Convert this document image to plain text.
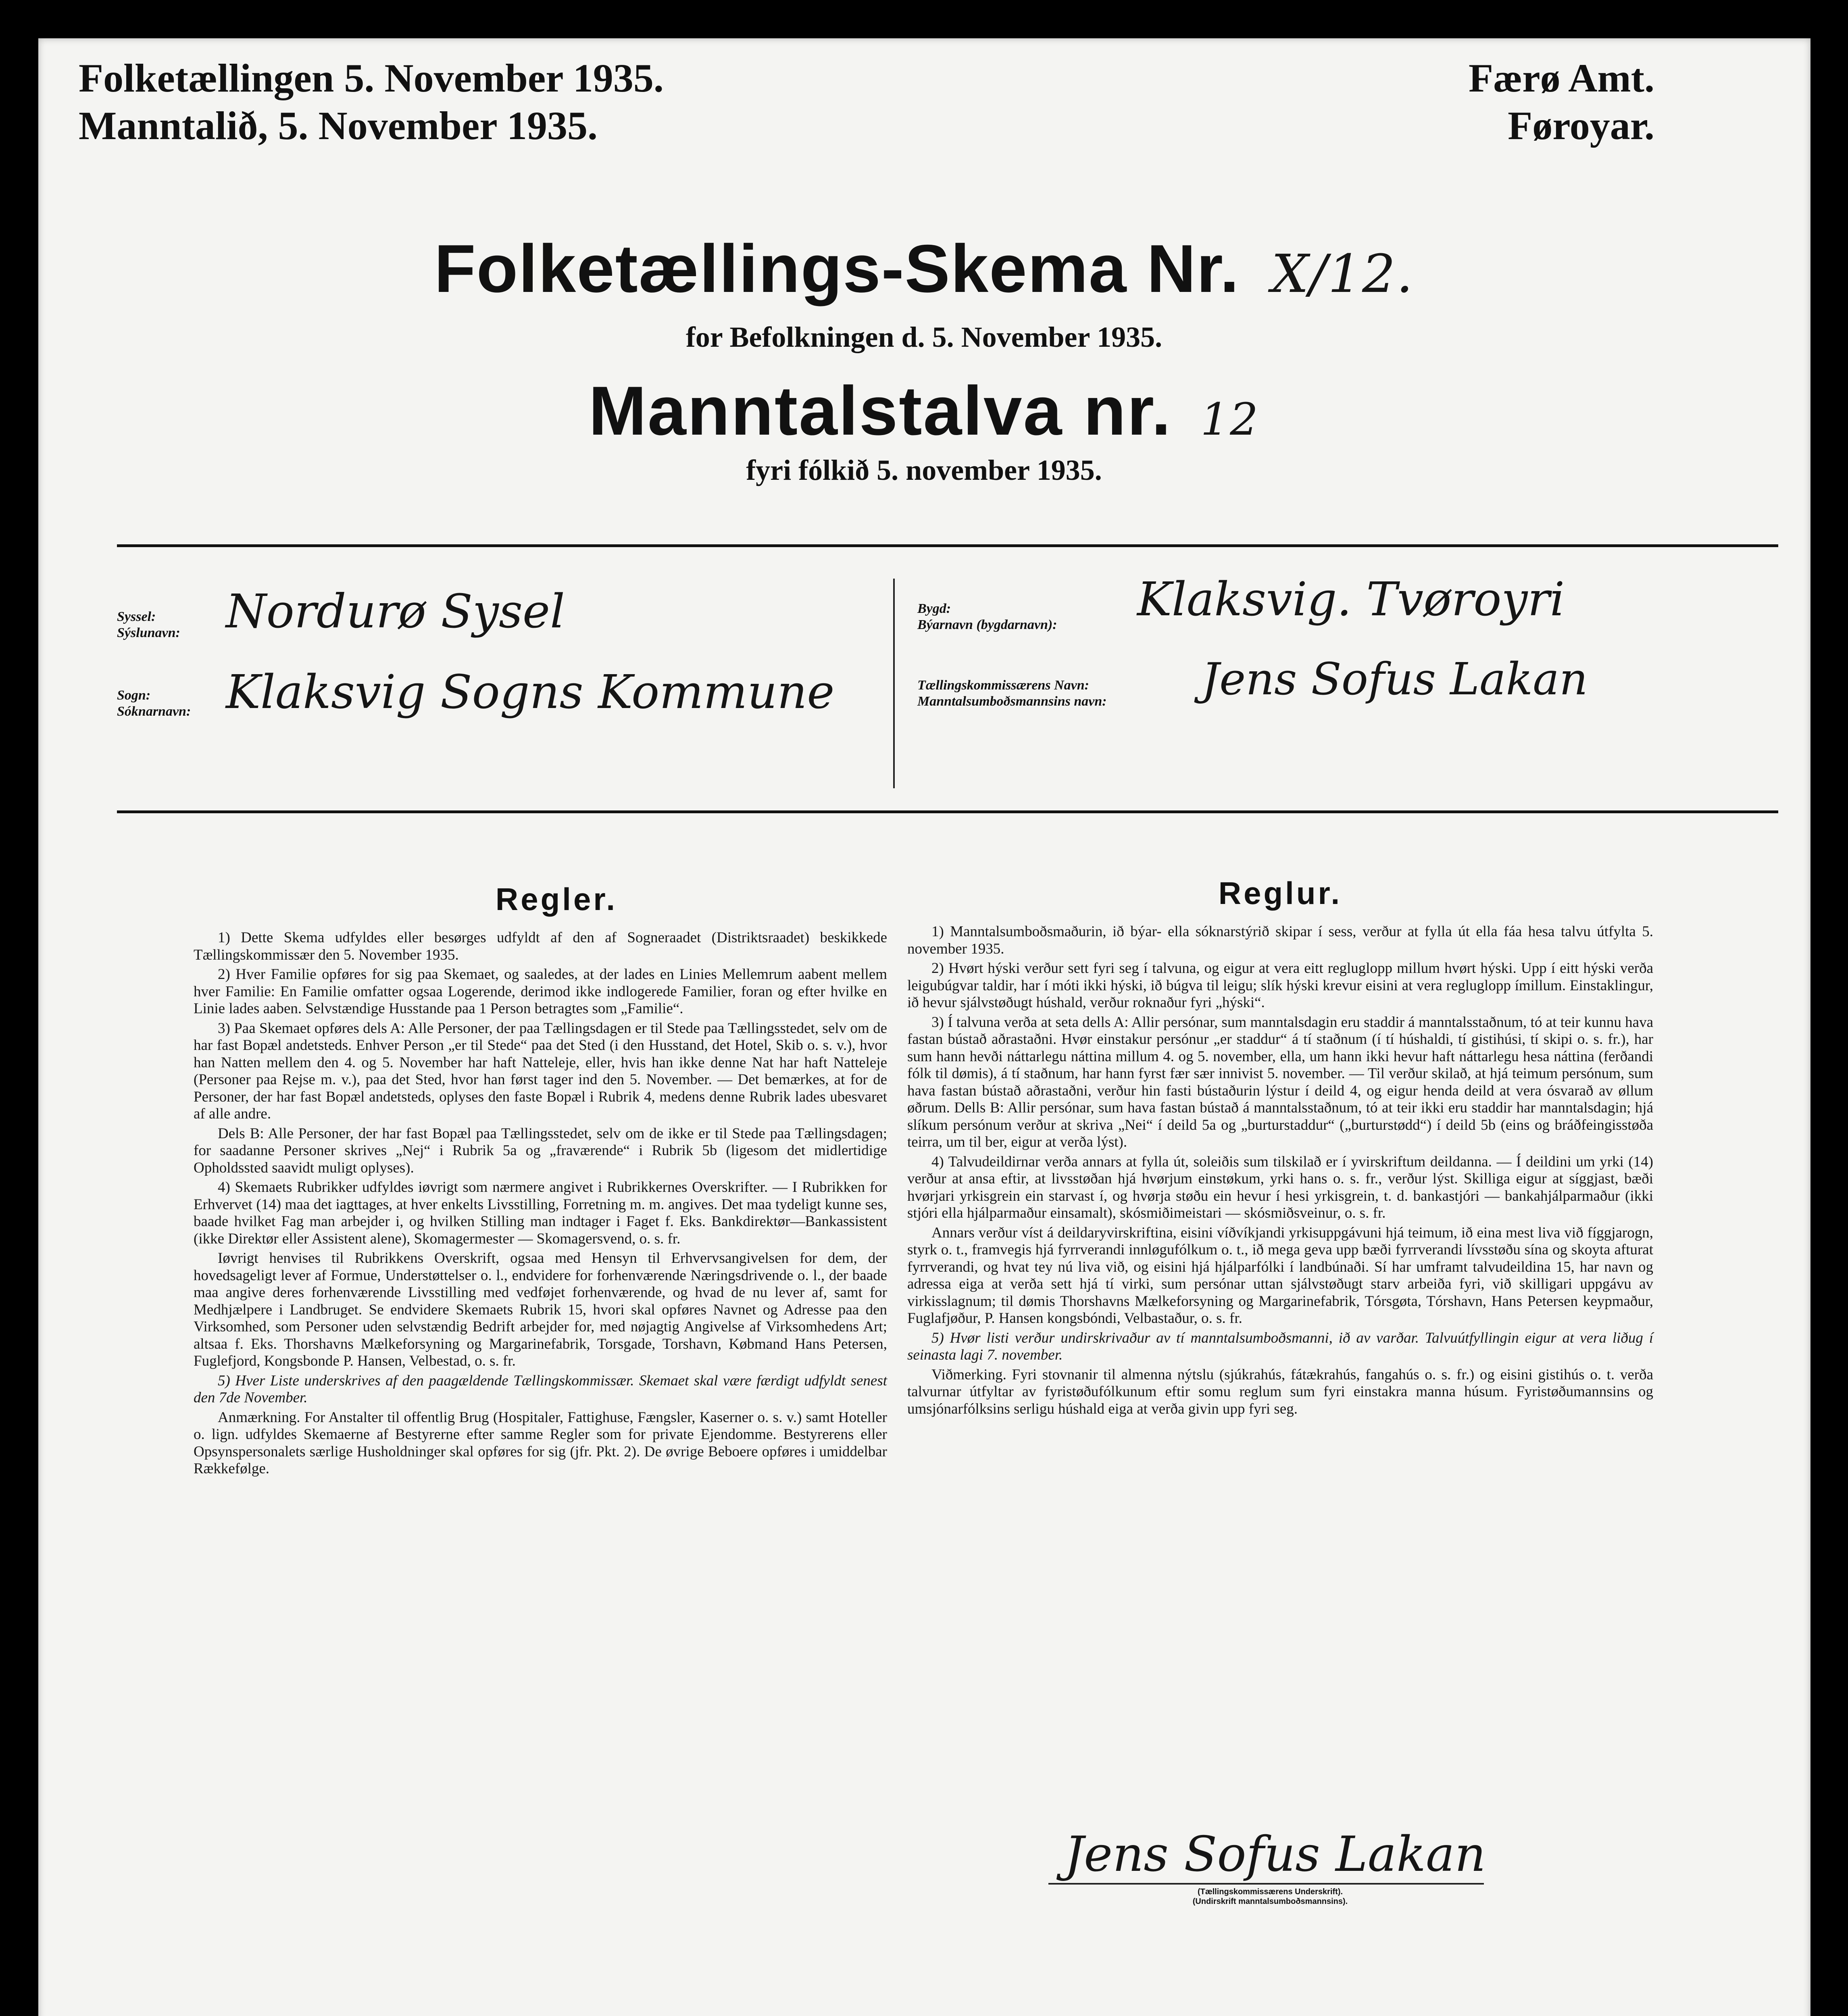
Folketællingen 5. November 1935.
Manntalið, 5. November 1935.
Færø Amt.
Føroyar.
Folketællings-Skema Nr. X/12.
for Befolkningen d. 5. November 1935.
Manntalstalva nr. 12
fyri fólkið 5. november 1935.
Syssel:
Sýslunavn: Nordurø Sysel
Sogn:
Sóknarnavn: Klaksvig Sogns Kommune
Bygd:
Býarnavn (bygdarnavn): Klaksvig. Tvøroyri
Tællingskommissærens Navn:
Manntalsumboðsmannsins navn: Jens Sofus Lakan
Regler.	Reglur.

1) Dette Skema udfyldes eller besørges udfyldt af den af Sogneraadet (Distriktsraadet) beskikkede Tællingskommissær den 5. November 1935.

2) Hver Familie opføres for sig paa Skemaet, og saaledes, at der lades en Linies Mellemrum aabent mellem hver Familie: En Familie omfatter ogsaa Logerende, derimod ikke indlogerede Familier, foran og efter hvilke en Linie lades aaben. Selvstændige Husstande paa 1 Person betragtes som „Familie“.

3) Paa Skemaet opføres dels A: Alle Personer, der paa Tællingsdagen er til Stede paa Tællingsstedet, selv om de har fast Bopæl andetsteds. Enhver Person „er til Stede“ paa det Sted (i den Husstand, det Hotel, Skib o. s. v.), hvor han Natten mellem den 4. og 5. November har haft Natteleje, eller, hvis han ikke denne Nat har haft Natteleje (Personer paa Rejse m. v.), paa det Sted, hvor han først tager ind den 5. November. — Det bemærkes, at for de Personer, der har fast Bopæl andetsteds, oplyses den faste Bopæl i Rubrik 4, medens denne Rubrik lades ubesvaret af alle andre.

Dels B: Alle Personer, der har fast Bopæl paa Tællingsstedet, selv om de ikke er til Stede paa Tællingsdagen; for saadanne Personer skrives „Nej“ i Rubrik 5a og „fraværende“ i Rubrik 5b (ligesom det midlertidige Opholdssted saavidt muligt oplyses).

4) Skemaets Rubrikker udfyldes iøvrigt som nærmere angivet i Rubrikkernes Overskrifter. — I Rubrikken for Erhvervet (14) maa det iagttages, at hver enkelts Livsstilling, Forretning m. m. angives. Det maa tydeligt kunne ses, baade hvilket Fag man arbejder i, og hvilken Stilling man indtager i Faget f. Eks. Bankdirektør—Bankassistent (ikke Direktør eller Assistent alene), Skomagermester — Skomagersvend, o. s. fr.

Iøvrigt henvises til Rubrikkens Overskrift, ogsaa med Hensyn til Erhvervsangivelsen for dem, der hovedsageligt lever af Formue, Understøttelser o. l., endvidere for forhenværende Næringsdrivende o. l., der baade maa angive deres forhenværende Livsstilling med vedføjet forhenværende, og hvad de nu lever af, samt for Medhjælpere i Landbruget. Se endvidere Skemaets Rubrik 15, hvori skal opføres Navnet og Adresse paa den Virksomhed, som Personer uden selvstændig Bedrift arbejder for, med nøjagtig Angivelse af Virksomhedens Art; altsaa f. Eks. Thorshavns Mælkeforsyning og Margarinefabrik, Torsgade, Torshavn, Købmand Hans Petersen, Fuglefjord, Kongsbonde P. Hansen, Velbestad, o. s. fr.

5) Hver Liste underskrives af den paagældende Tællingskommissær. Skemaet skal være færdigt udfyldt senest den 7de November.

Anmærkning. For Anstalter til offentlig Brug (Hospitaler, Fattighuse, Fængsler, Kaserner o. s. v.) samt Hoteller o. lign. udfyldes Skemaerne af Bestyrerne efter samme Regler som for private Ejendomme. Bestyrerens eller Opsynspersonalets særlige Husholdninger skal opføres for sig (jfr. Pkt. 2). De øvrige Beboere opføres i umiddelbar Rækkefølge.

1) Manntalsumboðsmaðurin, ið býar- ella sóknarstýrið skipar í sess, verður at fylla út ella fáa hesa talvu útfylta 5. november 1935.

2) Hvørt hýski verður sett fyri seg í talvuna, og eigur at vera eitt regluglopp millum hvørt hýski. Upp í eitt hýski verða leigubúgvar taldir, har í móti ikki hýski, ið búgva til leigu; slík hýski krevur eisini at vera regluglopp ímillum. Einstaklingur, ið hevur sjálvstøðugt húshald, verður roknaður fyri „hýski“.

3) Í talvuna verða at seta dells A: Allir persónar, sum manntalsdagin eru staddir á manntalsstaðnum, tó at teir kunnu hava fastan bústað aðrastaðni. Hvør einstakur persónur „er staddur“ á tí staðnum (í tí húshaldi, tí gistihúsi, tí skipi o. s. fr.), har sum hann hevði náttarlegu náttina millum 4. og 5. november, ella, um hann ikki hevur haft náttarlegu hesa náttina (ferðandi fólk til dømis), á tí staðnum, har hann fyrst fær sær innivist 5. november. — Til verður skilað, at hjá teimum persónum, sum hava fastan bústað aðrastaðni, verður hin fasti bústaðurin lýstur í deild 4, og eigur henda deild at vera ósvarað av øllum øðrum. Dells B: Allir persónar, sum hava fastan bústað á manntalsstaðnum, tó at teir ikki eru staddir har manntalsdagin; hjá slíkum persónum verður at skriva „Nei“ í deild 5a og „burturstaddur“ („burturstødd“) í deild 5b (eins og bráðfeingisstøða teirra, um til ber, eigur at verða lýst).

4) Talvudeildirnar verða annars at fylla út, soleiðis sum tilskilað er í yvirskriftum deildanna. — Í deildini um yrki (14) verður at ansa eftir, at livsstøðan hjá hvørjum einstøkum, yrki hans o. s. fr., verður lýst. Skilliga eigur at síggjast, bæði hvørjari yrkisgrein ein starvast í, og hvørja støðu ein hevur í hesi yrkisgrein, t. d. bankastjóri — bankahjálparmaður (ikki stjóri ella hjálparmaður einsamalt), skósmiðimeistari — skósmiðsveinur, o. s. fr.

Annars verður víst á deildaryvirskriftina, eisini víðvíkjandi yrkisuppgávuni hjá teimum, ið eina mest liva við fíggjarogn, styrk o. t., framvegis hjá fyrrverandi innløgufólkum o. t., ið mega geva upp bæði fyrrverandi lívsstøðu sína og skoyta afturat fyrrverandi, og hvat tey nú liva við, og eisini hjá hjálparfólki í landbúnaði. Sí har umframt talvudeildina 15, har navn og adressa eiga at verða sett hjá tí virki, sum persónar uttan sjálvstøðugt starv arbeiða fyri, við skilligari uppgávu av virkisslagnum; til dømis Thorshavns Mælkeforsyning og Margarinefabrik, Tórsgøta, Tórshavn, Hans Petersen keypmaður, Fuglafjøður, P. Hansen kongsbóndi, Velbastaður, o. s. fr.

5) Hvør listi verður undirskrivaður av tí manntalsumboðsmanni, ið av varðar. Talvuútfyllingin eigur at vera liðug í seinasta lagi 7. november.

Viðmerking. Fyri stovnanir til almenna nýtslu (sjúkrahús, fátækrahús, fangahús o. s. fr.) og eisini gistihús o. t. verða talvurnar útfyltar av fyristøðufólkunum eftir somu reglum sum fyri einstakra manna húsum. Fyristøðumannsins og umsjónarfólksins serligu húshald eiga at verða givin upp fyri seg.

Jens Sofus Lakan
(Tællingskommissærens Underskrift).
(Undirskrift manntalsumboðsmannsins).
